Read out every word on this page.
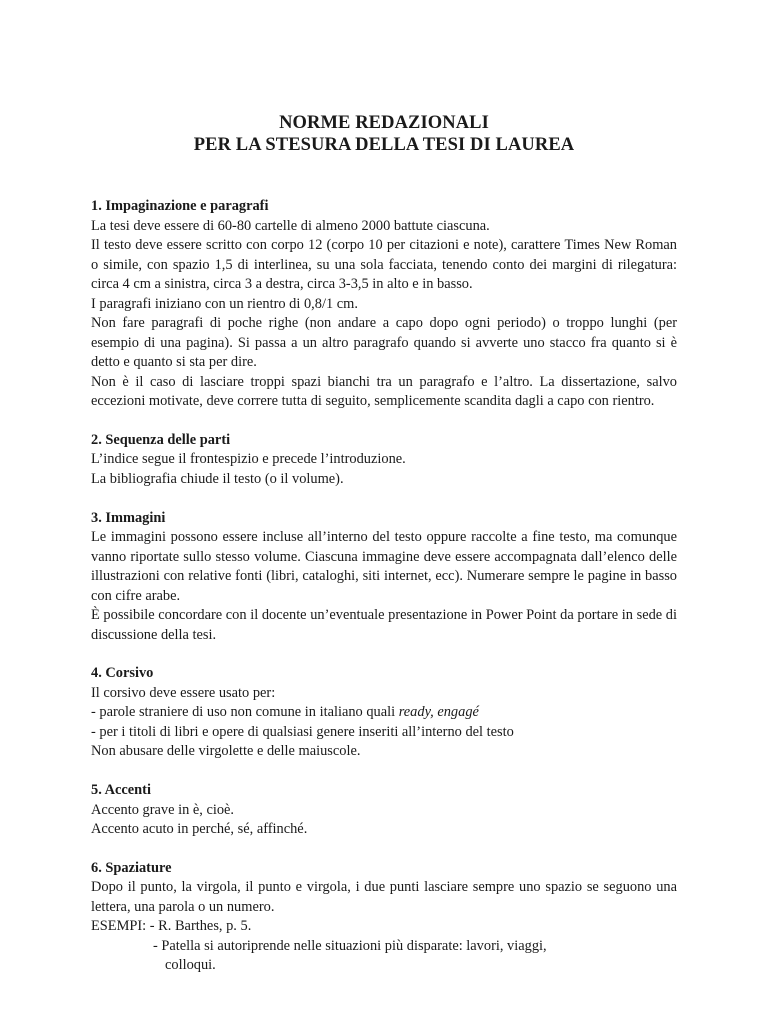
NORME REDAZIONALI
PER LA STESURA DELLA TESI DI LAUREA
1. Impaginazione e paragrafi
La tesi deve essere di 60-80 cartelle di almeno 2000 battute ciascuna.
Il testo deve essere scritto con corpo 12 (corpo 10 per citazioni e note), carattere Times New Roman o simile, con spazio 1,5 di interlinea, su una sola facciata, tenendo conto dei margini di rilegatura: circa 4 cm a sinistra, circa 3 a destra, circa 3-3,5 in alto e in basso.
I paragrafi iniziano con un rientro di 0,8/1 cm.
Non fare paragrafi di poche righe (non andare a capo dopo ogni periodo) o troppo lunghi (per esempio di una pagina). Si passa a un altro paragrafo quando si avverte uno stacco fra quanto si è detto e quanto si sta per dire.
Non è il caso di lasciare troppi spazi bianchi tra un paragrafo e l’altro. La dissertazione, salvo eccezioni motivate, deve correre tutta di seguito, semplicemente scandita dagli a capo con rientro.
2. Sequenza delle parti
L’indice segue il frontespizio e precede l’introduzione.
La bibliografia chiude il testo (o il volume).
3. Immagini
Le immagini possono essere incluse all’interno del testo oppure raccolte a fine testo, ma comunque vanno riportate sullo stesso volume. Ciascuna immagine deve essere accompagnata dall’elenco delle illustrazioni con relative fonti (libri, cataloghi, siti internet, ecc). Numerare sempre le pagine in basso con cifre arabe.
È possibile concordare con il docente un’eventuale presentazione in Power Point da portare in sede di discussione della tesi.
4. Corsivo
Il corsivo deve essere usato per:
- parole straniere di uso non comune in italiano quali ready, engagé
- per i titoli di libri e opere di qualsiasi genere inseriti all’interno del testo
Non abusare delle virgolette e delle maiuscole.
5. Accenti
Accento grave in è, cioè.
Accento acuto in perché, sé, affinché.
6. Spaziature
Dopo il punto, la virgola, il punto e virgola, i due punti lasciare sempre uno spazio se seguono una lettera, una parola o un numero.
ESEMPI: - R. Barthes, p. 5.
- Patella si autoriprende nelle situazioni più disparate: lavori, viaggi,
colloqui.
